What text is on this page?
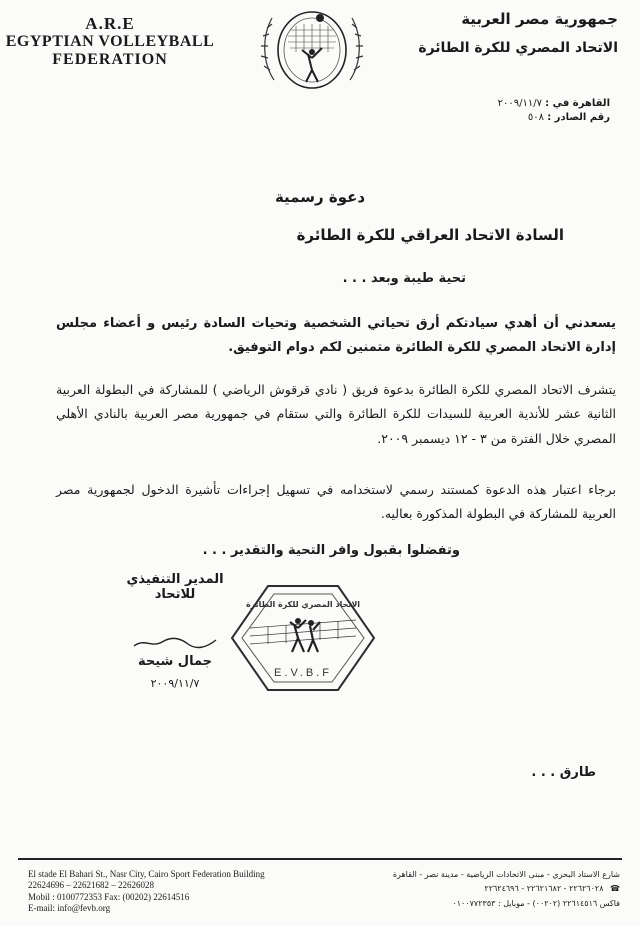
A.R.E
EGYPTIAN VOLLEYBALL
FEDERATION
جمهورية مصر العربية
الاتحاد المصري للكرة الطائرة
القاهرة في : ٢٠٠٩/١١/٧
رقم الصادر : ٥٠٨
دعوة رسمية
السادة الاتحاد العراقي للكرة الطائرة
تحية طيبة وبعد . . .
يسعدني أن أهدي سيادتكم أرق تحياتي الشخصية وتحيات السادة رئيس و أعضاء مجلس إدارة الاتحاد المصري للكرة الطائرة متمنين لكم دوام التوفيق.
يتشرف الاتحاد المصري للكرة الطائرة بدعوة فريق ( نادي قرقوش الرياضي ) للمشاركة في البطولة العربية الثانية عشر للأندية العربية للسيدات للكرة الطائرة والتي ستقام في جمهورية مصر العربية بالنادي الأهلي المصري خلال الفترة من ٣ - ١٢ ديسمبر ٢٠٠٩.
برجاء اعتبار هذه الدعوة كمستند رسمي لاستخدامه في تسهيل إجراءات تأشيرة الدخول لجمهورية مصر العربية للمشاركة في البطولة المذكورة بعاليه.
وتفضلوا بقبول وافر التحية والتقدير . . .
الاتحاد المصري للكرة الطائرة
E.V.B.F
المدير التنفيذي للاتحاد
جمال شيحة
٢٠٠٩/١١/٧
طارق . . .
El stade El Bahari St., Nasr City, Cairo Sport Federation Building
22624696 – 22621682 – 22626028
Mobil : 0100772353 Fax: (00202) 22614516
E-mail: info@fevb.org
شارع الاستاد البحري - مبنى الاتحادات الرياضية - مدينة نصر - القاهرة
☎ ٢٢٦٢٦٠٢٨ - ٢٢٦٢١٦٨٢ - ٢٢٦٢٤٦٩٦
فاكس ٢٢٦١٤٥١٦ (٠٠٢٠٢) - موبايل : ٠١٠٠٧٧٢٣٥٣
